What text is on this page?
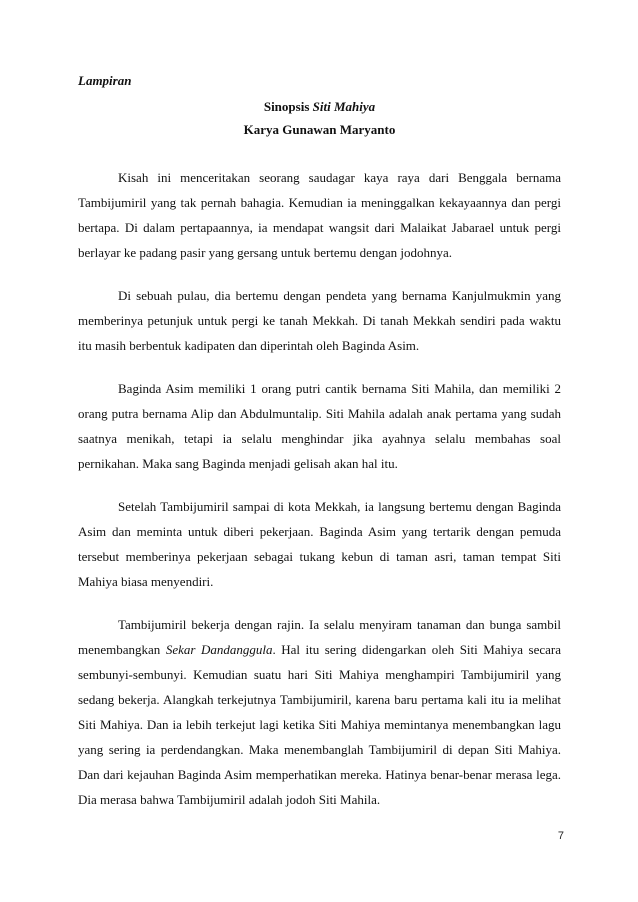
Lampiran

Sinopsis Siti Mahiya

Karya Gunawan Maryanto

Kisah ini menceritakan seorang saudagar kaya raya dari Benggala bernama Tambijumiril yang tak pernah bahagia. Kemudian ia meninggalkan kekayaannya dan pergi bertapa. Di dalam pertapaannya, ia mendapat wangsit dari Malaikat Jabarael untuk pergi berlayar ke padang pasir yang gersang untuk bertemu dengan jodohnya.

Di sebuah pulau, dia bertemu dengan pendeta yang bernama Kanjulmukmin yang memberinya petunjuk untuk pergi ke tanah Mekkah. Di tanah Mekkah sendiri pada waktu itu masih berbentuk kadipaten dan diperintah oleh Baginda Asim.

Baginda Asim memiliki 1 orang putri cantik bernama Siti Mahila, dan memiliki 2 orang putra bernama Alip dan Abdulmuntalip. Siti Mahila adalah anak pertama yang sudah saatnya menikah, tetapi ia selalu menghindar jika ayahnya selalu membahas soal pernikahan. Maka sang Baginda menjadi gelisah akan hal itu.

Setelah Tambijumiril sampai di kota Mekkah, ia langsung bertemu dengan Baginda Asim dan meminta untuk diberi pekerjaan. Baginda Asim yang tertarik dengan pemuda tersebut memberinya pekerjaan sebagai tukang kebun di taman asri, taman tempat Siti Mahiya biasa menyendiri.

Tambijumiril bekerja dengan rajin. Ia selalu menyiram tanaman dan bunga sambil menembangkan Sekar Dandanggula. Hal itu sering didengarkan oleh Siti Mahiya secara sembunyi-sembunyi. Kemudian suatu hari Siti Mahiya menghampiri Tambijumiril yang sedang bekerja. Alangkah terkejutnya Tambijumiril, karena baru pertama kali itu ia melihat Siti Mahiya. Dan ia lebih terkejut lagi ketika Siti Mahiya memintanya menembangkan lagu yang sering ia perdendangkan. Maka menembanglah Tambijumiril di depan Siti Mahiya. Dan dari kejauhan Baginda Asim memperhatikan mereka. Hatinya benar-benar merasa lega. Dia merasa bahwa Tambijumiril adalah jodoh Siti Mahila.

7
